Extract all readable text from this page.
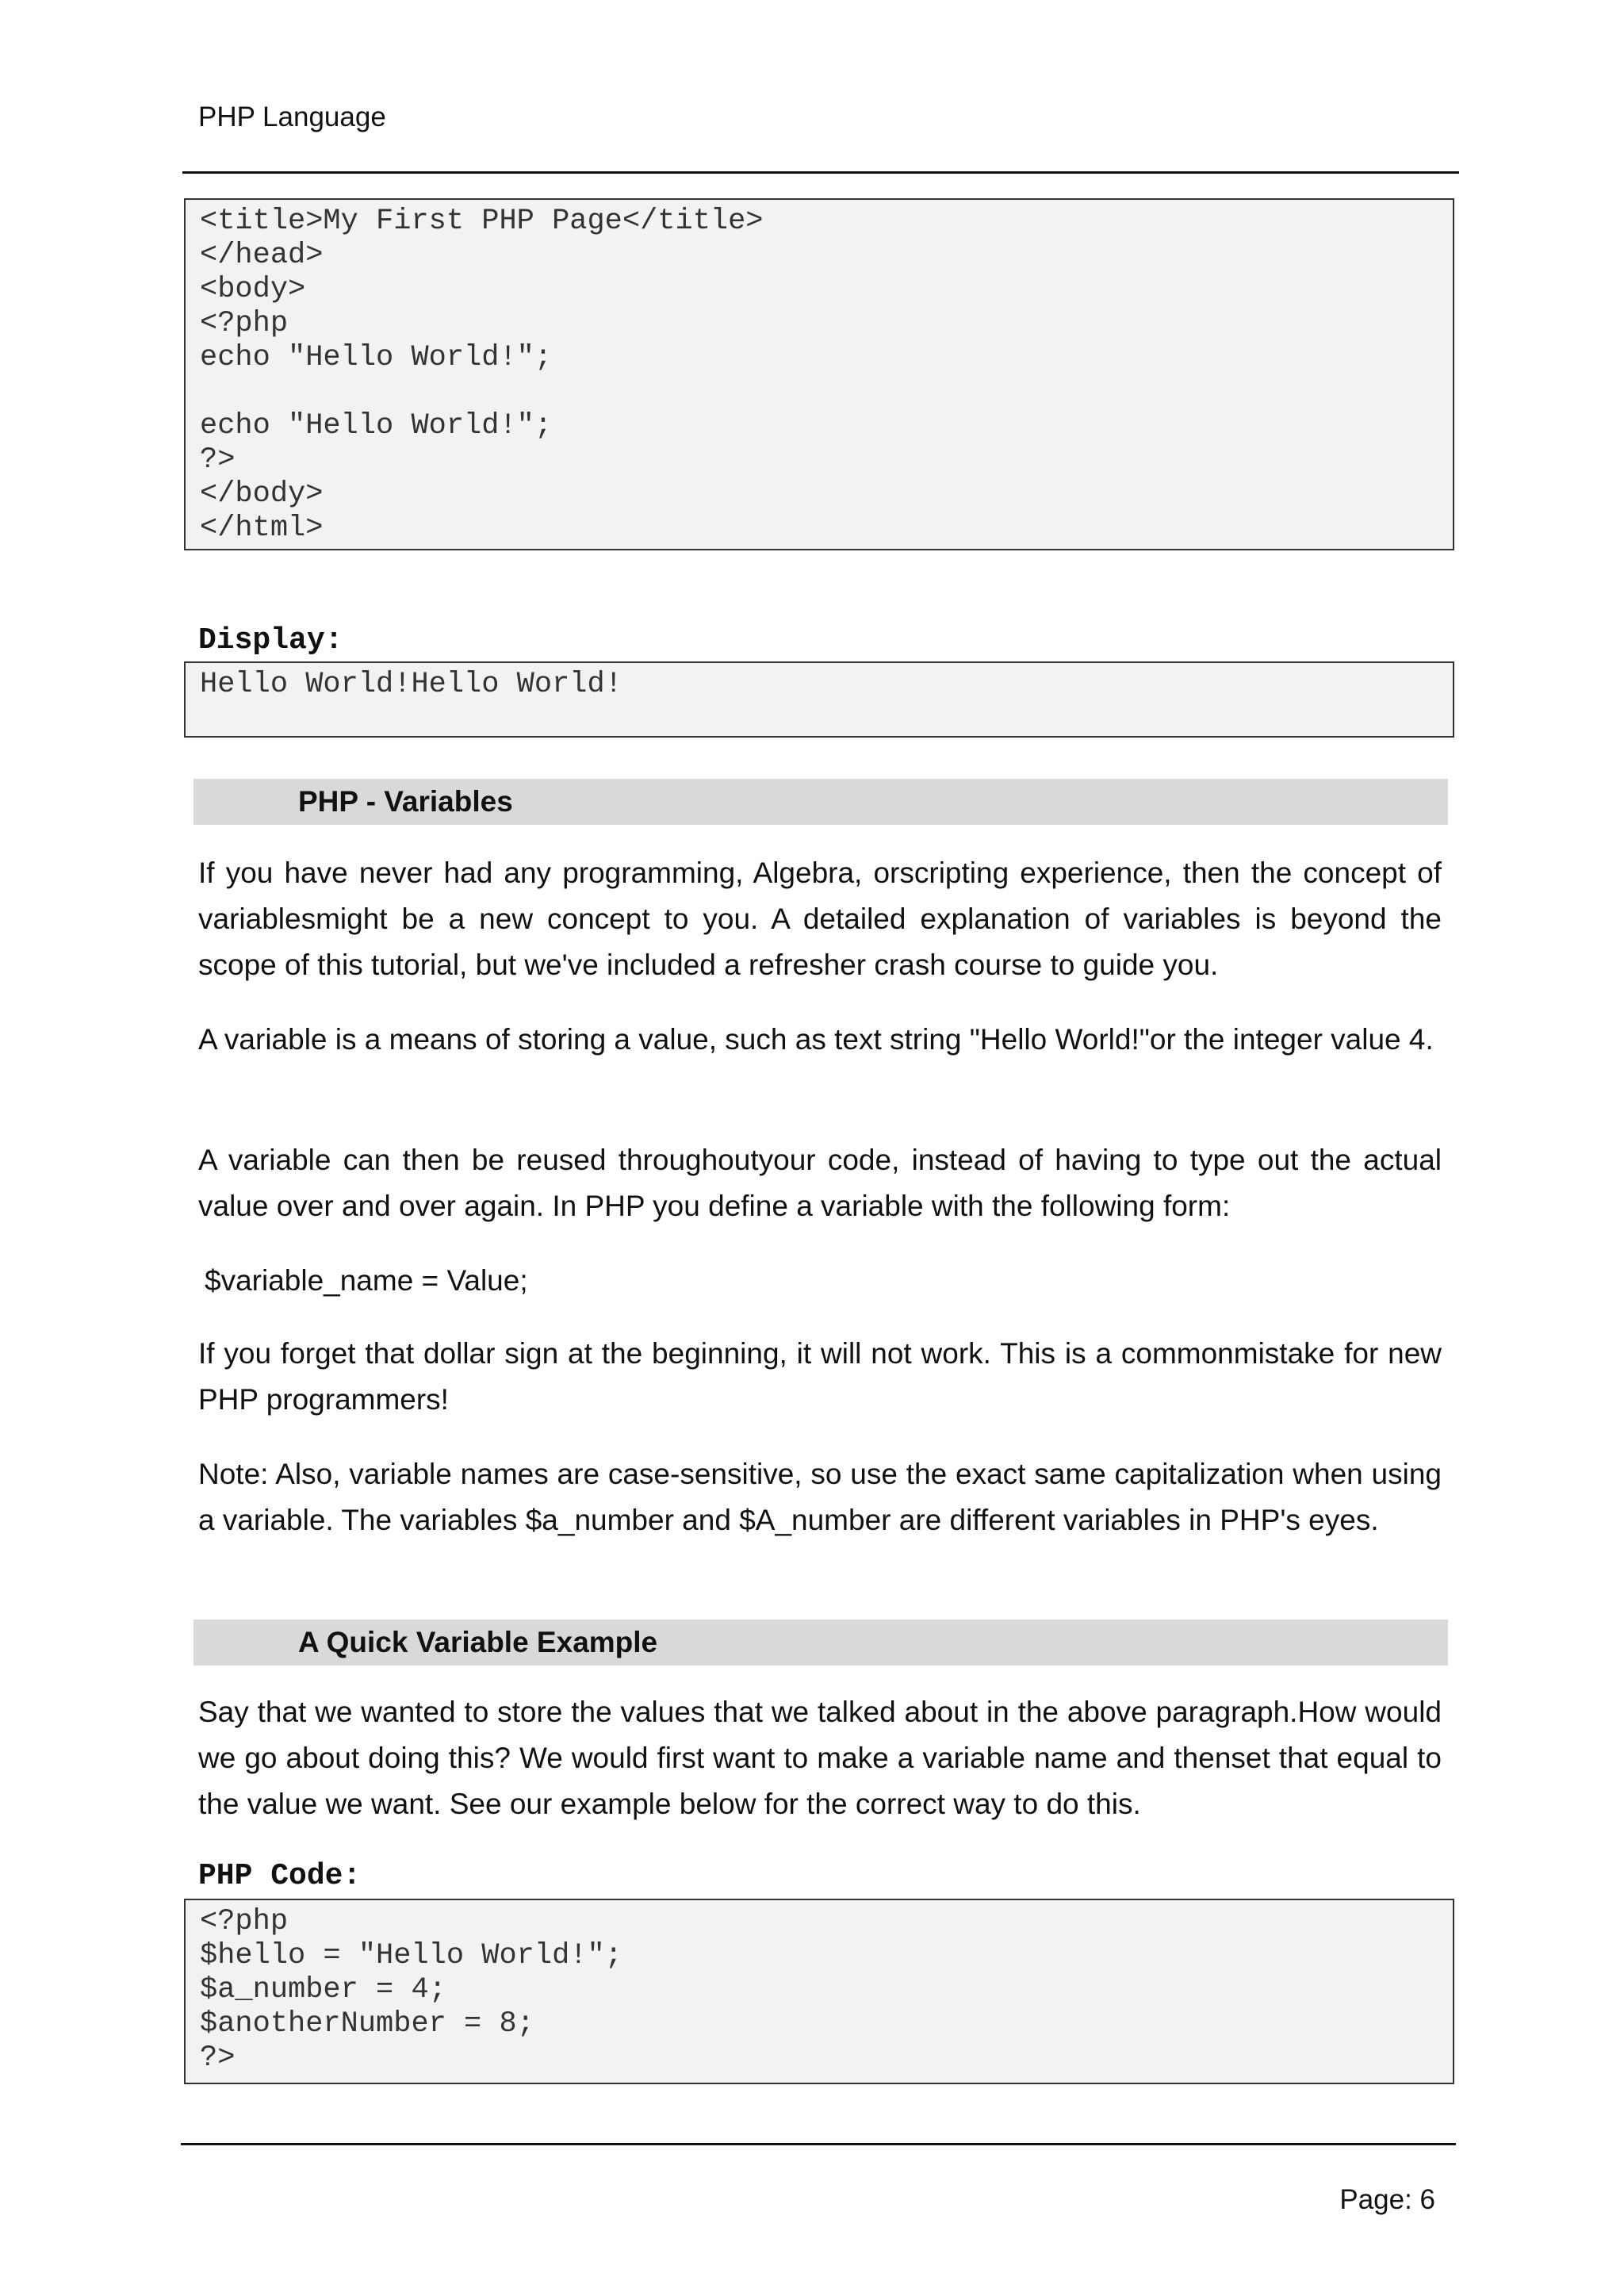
PHP Language
<title>My First PHP Page</title>
</head>
<body>
<?php
echo "Hello World!";
echo "Hello World!";
?>
</body>
</html>
Display:
Hello World!Hello World!
PHP - Variables
If you have never had any programming, Algebra, orscripting experience, then the concept of variablesmight be a new concept to you. A detailed explanation of variables is beyond the scope of this tutorial, but we've included a refresher crash course to guide you.
A variable is a means of storing a value, such as text string "Hello World!"or the integer value 4.
A variable can then be reused throughoutyour code, instead of having to type out the actual value over and over again. In PHP you define a variable with the following form:
$variable_name = Value;
If you forget that dollar sign at the beginning, it will not work. This is a commonmistake for new PHP programmers!
Note: Also, variable names are case-sensitive, so use the exact same capitalization when using a variable. The variables $a_number and $A_number are different variables in PHP's eyes.
A Quick Variable Example
Say that we wanted to store the values that we talked about in the above paragraph.How would we go about doing this? We would first want to make a variable name and thenset that equal to the value we want. See our example below for the correct way to do this.
PHP Code:
<?php
$hello = "Hello World!";
$a_number = 4;
$anotherNumber = 8;
?>
Page: 6
